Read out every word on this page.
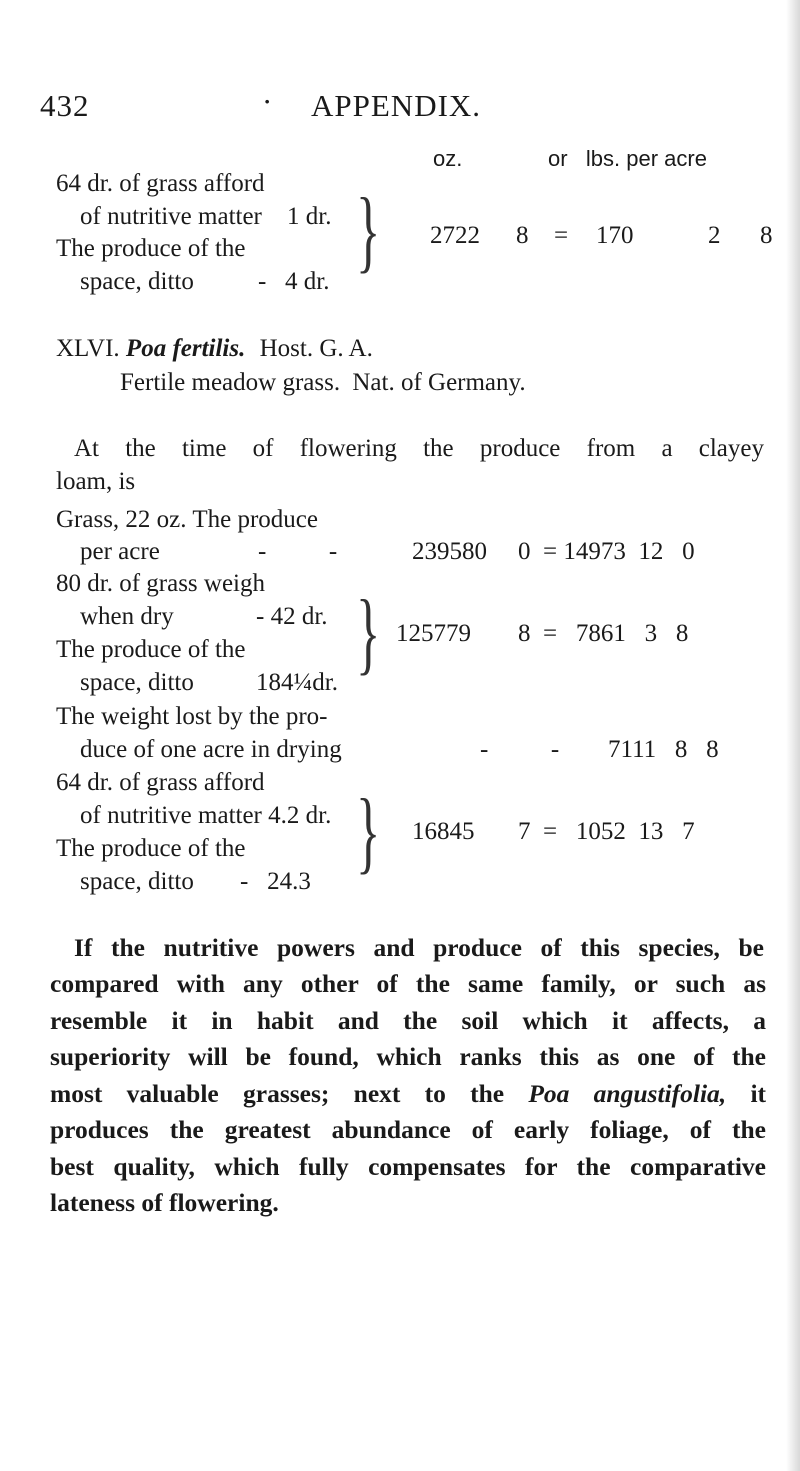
432	· APPENDIX.
oz.	or   lbs. per acre
64 dr. of grass afford
of nutritive matter 1 dr.
The produce of the
space, ditto	- 4 dr.
} 2722 8 = 170	2 8
XLVI. Poa fertilis. Host. G. A.
Fertile meadow grass. Nat. of Germany.
At the time of flowering the produce from a clayey
loam, is
Grass, 22 oz. The produce
per acre	-          -	239580 0  = 14973  12   0
80 dr. of grass weigh
when dry	- 42 dr.
The produce of the
space, ditto 184¼dr. } 125779 8  =   7861   3   8
The weight lost by the pro-
duce of one acre in drying	-          - 7111   8   8
64 dr. of grass afford
of nutritive matter 4.2 dr.
The produce of the
space, ditto -   24.3 } 16845 7  =   1052  13   7
If the nutritive powers and produce of this species, be
compared with any other of the same family, or such as
resemble it in habit and the soil which it affects, a
superiority will be found, which ranks this as one of the
most valuable grasses; next to the Poa angustifolia, it
produces the greatest abundance of early foliage, of the
best quality, which fully compensates for the comparative
lateness of flowering.
